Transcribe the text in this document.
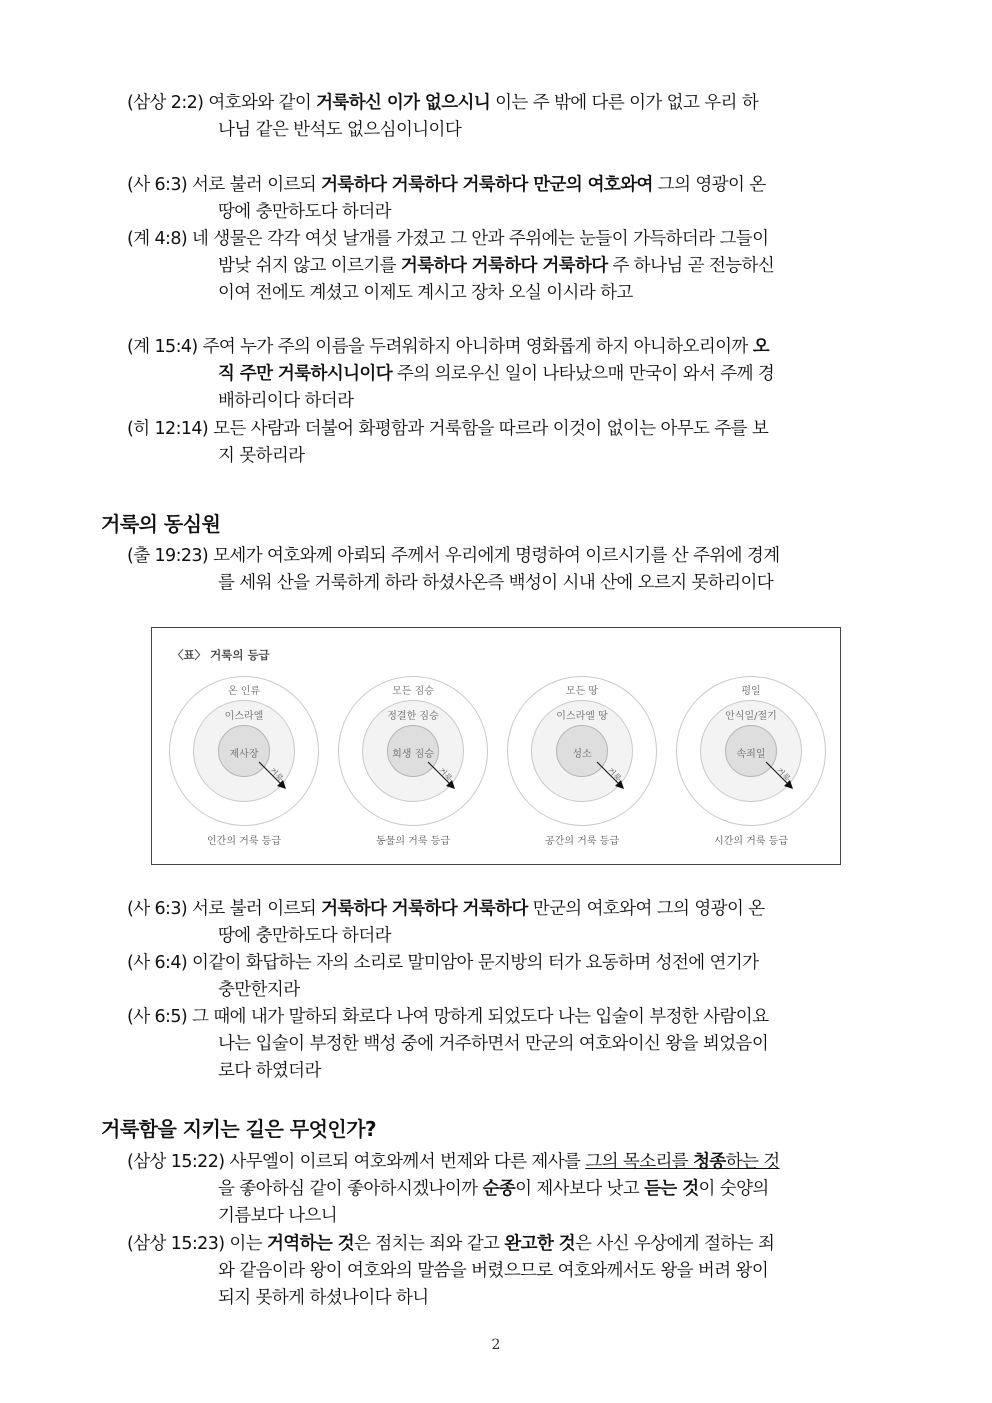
(삼상 2:2) 여호와와 같이 거룩하신 이가 없으시니 이는 주 밖에 다른 이가 없고 우리 하
나님 같은 반석도 없으심이니이다
(사 6:3) 서로 불러 이르되 거룩하다 거룩하다 거룩하다 만군의 여호와여 그의 영광이 온
땅에 충만하도다 하더라
(계 4:8) 네 생물은 각각 여섯 날개를 가졌고 그 안과 주위에는 눈들이 가득하더라 그들이
밤낮 쉬지 않고 이르기를 거룩하다 거룩하다 거룩하다 주 하나님 곧 전능하신
이여 전에도 계셨고 이제도 계시고 장차 오실 이시라 하고
(계 15:4) 주여 누가 주의 이름을 두려워하지 아니하며 영화롭게 하지 아니하오리이까 오
직 주만 거룩하시니이다 주의 의로우신 일이 나타났으매 만국이 와서 주께 경
배하리이다 하더라
(히 12:14) 모든 사람과 더불어 화평함과 거룩함을 따르라 이것이 없이는 아무도 주를 보
지 못하리라
거룩의 동심원
(출 19:23) 모세가 여호와께 아뢰되 주께서 우리에게 명령하여 이르시기를 산 주위에 경계
를 세워 산을 거룩하게 하라 하셨사온즉 백성이 시내 산에 오르지 못하리이다
〈표〉 거룩의 등급
온 인류
이스라엘
제사장
거룩
인간의 거룩 등급
모든 짐승
정결한 짐승
희생 짐승
거룩
동물의 거룩 등급
모든 땅
이스라엘 땅
성소
거룩
공간의 거룩 등급
평일
안식일/절기
속죄일
거룩
시간의 거룩 등급
(사 6:3) 서로 불러 이르되 거룩하다 거룩하다 거룩하다 만군의 여호와여 그의 영광이 온
땅에 충만하도다 하더라
(사 6:4) 이같이 화답하는 자의 소리로 말미암아 문지방의 터가 요동하며 성전에 연기가
충만한지라
(사 6:5) 그 때에 내가 말하되 화로다 나여 망하게 되었도다 나는 입술이 부정한 사람이요
나는 입술이 부정한 백성 중에 거주하면서 만군의 여호와이신 왕을 뵈었음이
로다 하였더라
거룩함을 지키는 길은 무엇인가?
(삼상 15:22) 사무엘이 이르되 여호와께서 번제와 다른 제사를 그의 목소리를 청종하는 것
을 좋아하심 같이 좋아하시겠나이까 순종이 제사보다 낫고 듣는 것이 숫양의
기름보다 나으니
(삼상 15:23) 이는 거역하는 것은 점치는 죄와 같고 완고한 것은 사신 우상에게 절하는 죄
와 같음이라 왕이 여호와의 말씀을 버렸으므로 여호와께서도 왕을 버려 왕이
되지 못하게 하셨나이다 하니
2
